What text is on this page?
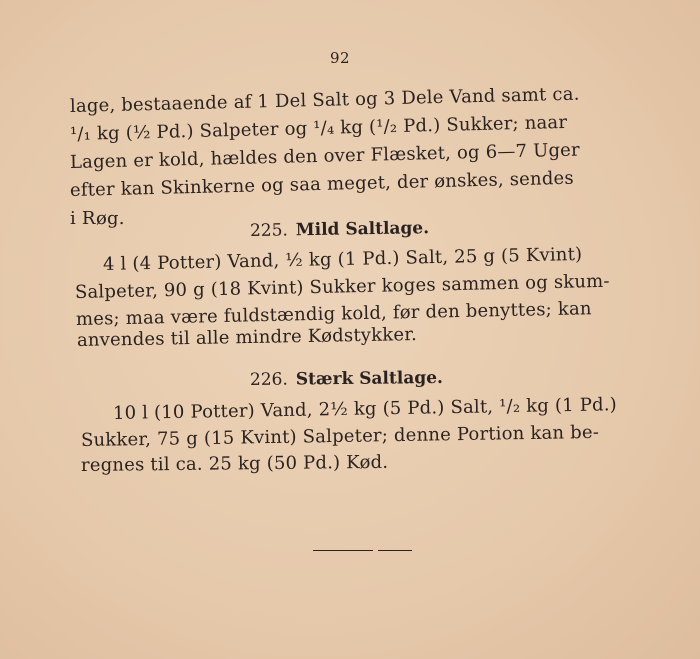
92
lage, bestaaende af 1 Del Salt og 3 Dele Vand samt ca.
¹/₁ kg (½ Pd.) Salpeter og ¹/₄ kg (¹/₂ Pd.) Sukker; naar
Lagen er kold, hældes den over Flæsket, og 6—7 Uger
efter kan Skinkerne og saa meget, der ønskes, sendes
i Røg.
225. Mild Saltlage.
4 l (4 Potter) Vand, ½ kg (1 Pd.) Salt, 25 g (5 Kvint)
Salpeter, 90 g (18 Kvint) Sukker koges sammen og skum-
mes; maa være fuldstændig kold, før den benyttes; kan
anvendes til alle mindre Kødstykker.
226. Stærk Saltlage.
10 l (10 Potter) Vand, 2½ kg (5 Pd.) Salt, ¹/₂ kg (1 Pd.)
Sukker, 75 g (15 Kvint) Salpeter; denne Portion kan be-
regnes til ca. 25 kg (50 Pd.) Kød.
